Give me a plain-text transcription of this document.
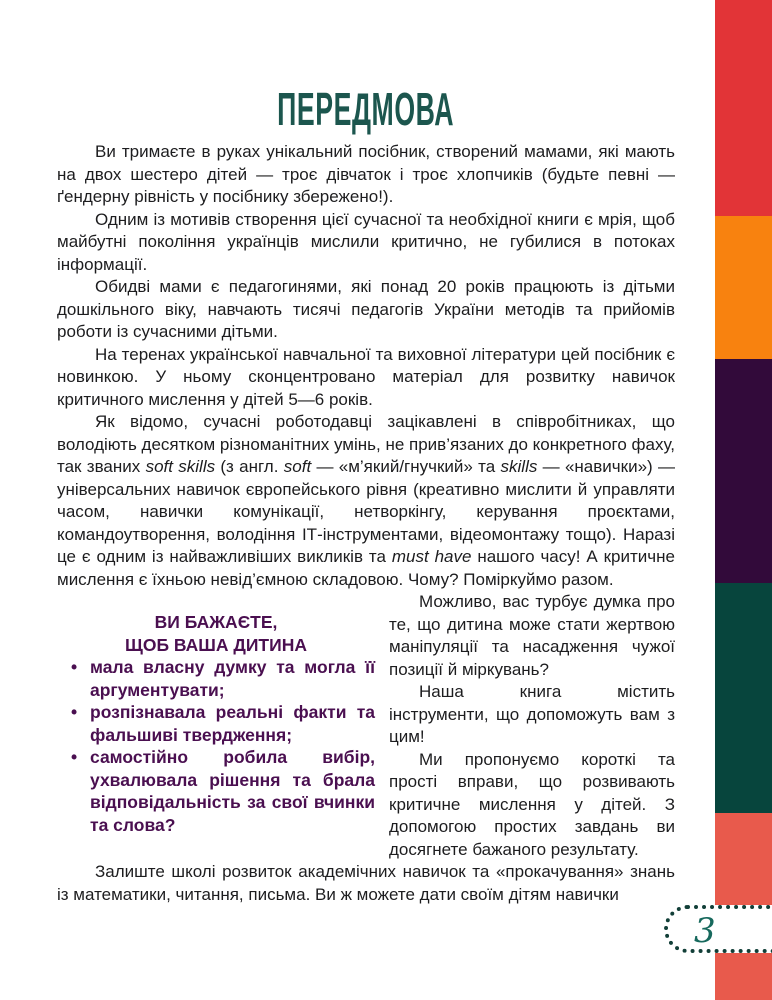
ПЕРЕДМОВА

Ви тримаєте в руках унікальний посібник, створений мамами, які мають на двох шестеро дітей — троє дівчаток і троє хлопчиків (будьте певні — ґендерну рівність у посібнику збережено!).

Одним із мотивів створення цієї сучасної та необхідної книги є мрія, щоб майбутні покоління українців мислили критично, не губилися в потоках інформації.

Обидві мами є педагогинями, які понад 20 років працюють із дітьми дошкільного віку, навчають тисячі педагогів України методів та прийомів роботи із сучасними дітьми.

На теренах української навчальної та виховної літератури цей посібник є новинкою. У ньому сконцентровано матеріал для розвитку навичок критичного мислення у дітей 5—6 років.

Як відомо, сучасні роботодавці зацікавлені в співробітниках, що володіють десятком різноманітних умінь, не прив’язаних до конкретного фаху, так званих soft skills (з англ. soft — «м’який/гнучкий» та skills — «навички») — універсальних навичок європейського рівня (креативно мислити й управляти часом, навички комунікації, нетворкінгу, керування проєктами, командоутворення, володіння ІТ-інструментами, відеомонтажу тощо). Наразі це є одним із найважливіших викликів та must have нашого часу! А критичне мислення є їхньою невід’ємною складовою. Чому? Поміркуймо разом.

ВИ БАЖАЄТЕ,
ЩОБ ВАША ДИТИНА
• мала власну думку та могла її аргументувати;
• розпізнавала реальні факти та фальшиві твердження;
• самостійно робила вибір, ухвалювала рішення та брала відповідальність за свої вчинки та слова?

Можливо, вас турбує думка про те, що дитина може стати жертвою маніпуляції та насадження чужої позиції й міркувань?

Наша книга містить інструменти, що допоможуть вам з цим!

Ми пропонуємо короткі та прості вправи, що розвивають критичне мислення у дітей. З допомогою простих завдань ви досягнете бажаного результату.

Залиште школі розвиток академічних навичок та «прокачування» знань із математики, читання, письма. Ви ж можете дати своїм дітям навички

3
